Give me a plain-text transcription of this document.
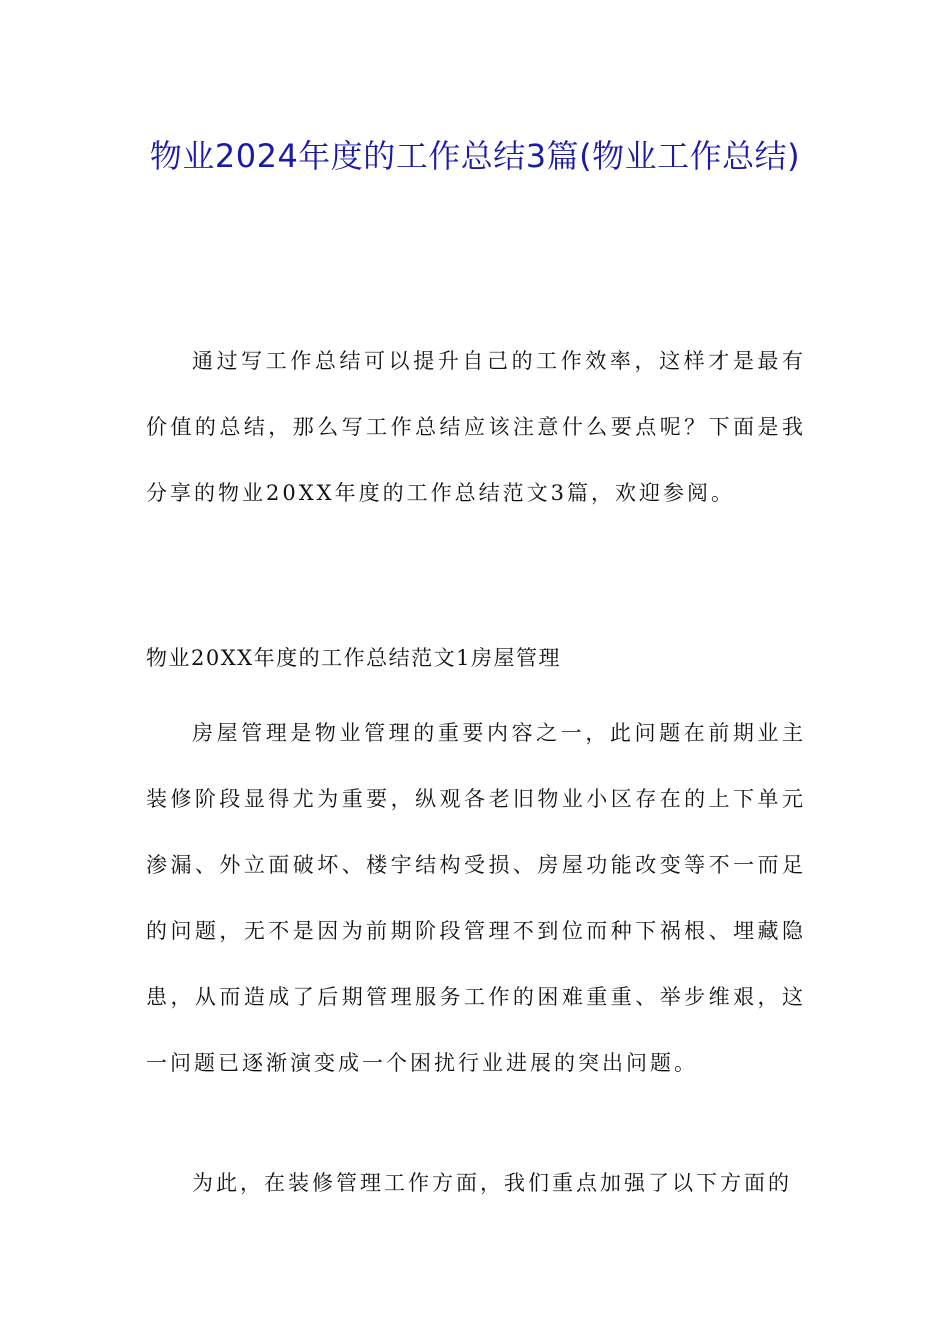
物业2024年度的工作总结3篇(物业工作总结)

通过写工作总结可以提升自己的工作效率，这样才是最有价值的总结，那么写工作总结应该注意什么要点呢？下面是我分享的物业20XX年度的工作总结范文3篇，欢迎参阅。

物业20XX年度的工作总结范文1房屋管理

房屋管理是物业管理的重要内容之一，此问题在前期业主装修阶段显得尤为重要，纵观各老旧物业小区存在的上下单元渗漏、外立面破坏、楼宇结构受损、房屋功能改变等不一而足的问题，无不是因为前期阶段管理不到位而种下祸根、埋藏隐患，从而造成了后期管理服务工作的困难重重、举步维艰，这一问题已逐渐演变成一个困扰行业进展的突出问题。

为此，在装修管理工作方面，我们重点加强了以下方面的
